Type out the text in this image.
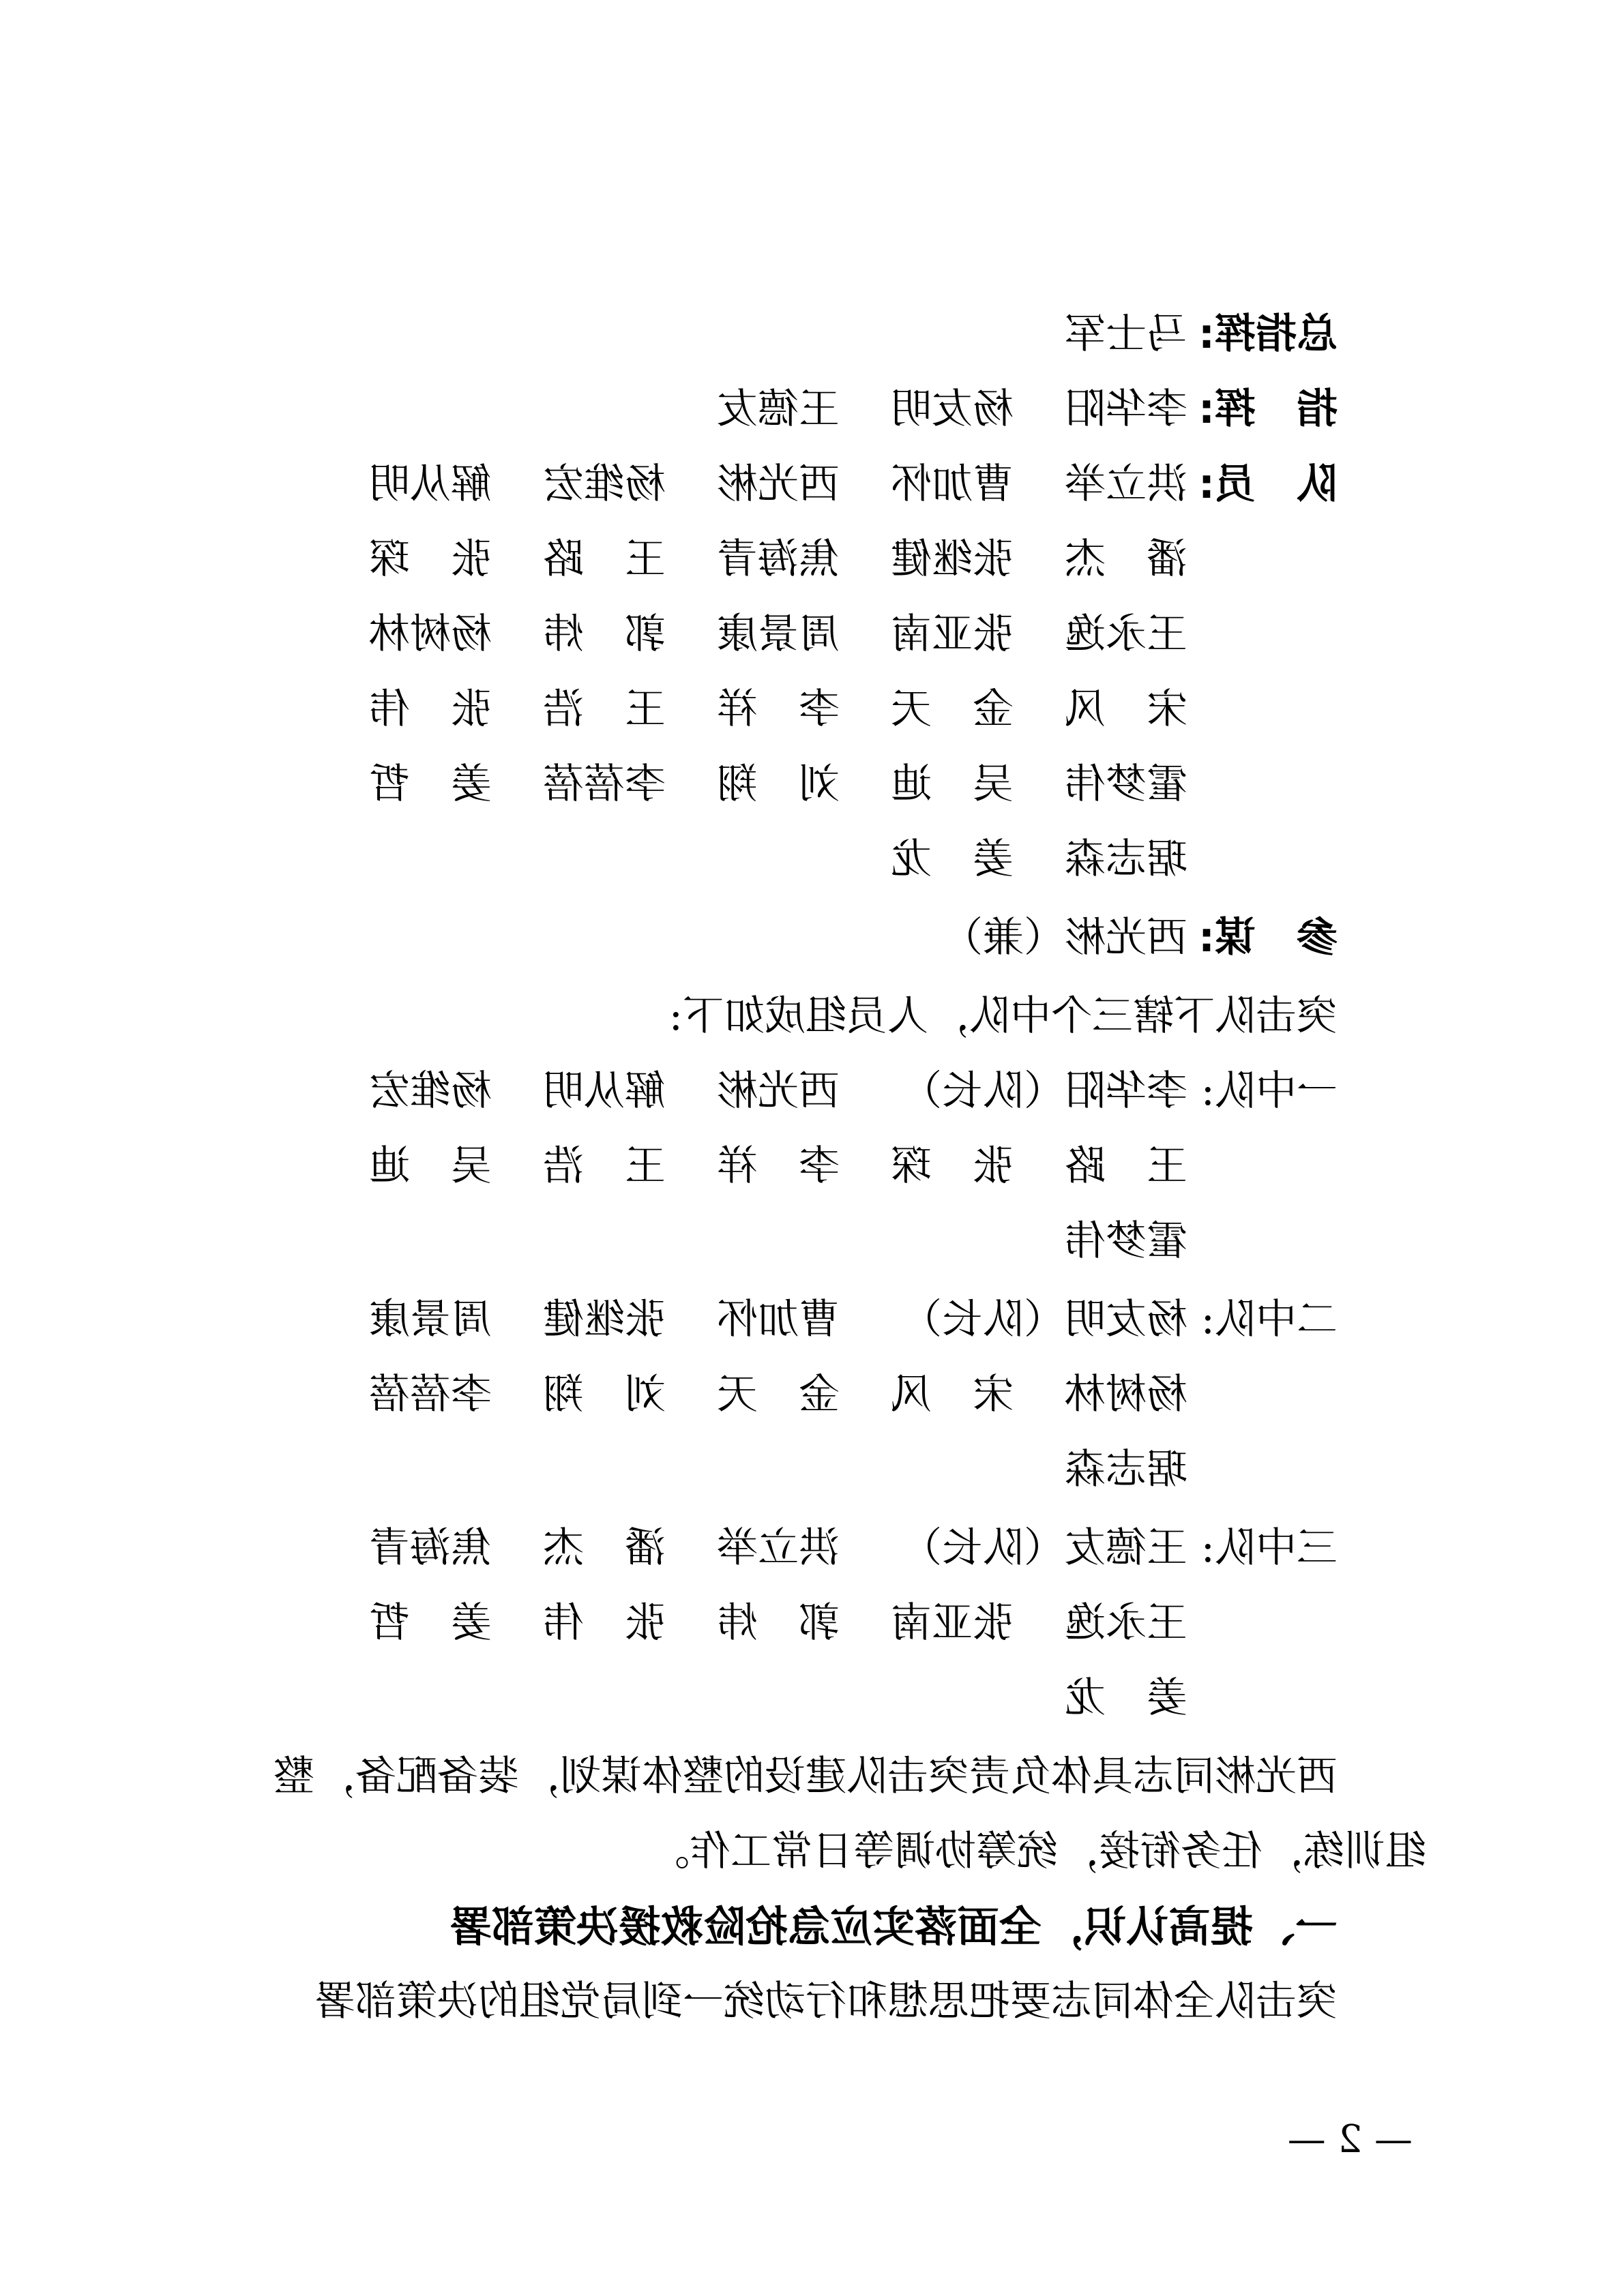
总指挥:

马士军

指　挥:

李华阳

杨友明

王德友

队　员:

洪立举

曹加怀

西光彬

杨维宏

解从明

潘　杰

张继健

焦海青

王　路

张　琛

王永逸

张亚南

周景康

郭　炜

杨树林

宋　风

金　天

李　祥

王　浩

张　伟

霍梦伟

吴　迪

刘　翔

李蓓蓓

姜　哲

琚志森

姜　龙

参　谋:

西光彬（兼）

突击队下辖三个中队，人员组成如下:

一中队:

李华阳（队长）

西光彬

解从明

杨维宏

王　路

张　琛

李　祥

王　浩

吴　迪

霍梦伟

二中队:

杨友明（队长）

曹加怀

张继健

周景康

杨树林

宋　风

金　天

刘　翔

李蓓蓓

琚志森

三中队:

王德友（队长）

洪立举

潘　杰

焦海青

王永逸

张亚南

郭　炜

张　伟

姜　哲

姜　龙

西光彬同志具体负责突击队建设的整体谋划，装备配备，整

组训练，任务衔接，统筹协调等日常工作。

一、提高认识，全面落实应急抢险救援决策部署

突击队全体同志要把思想和行动统一到局党组的决策部署

— 2 —
